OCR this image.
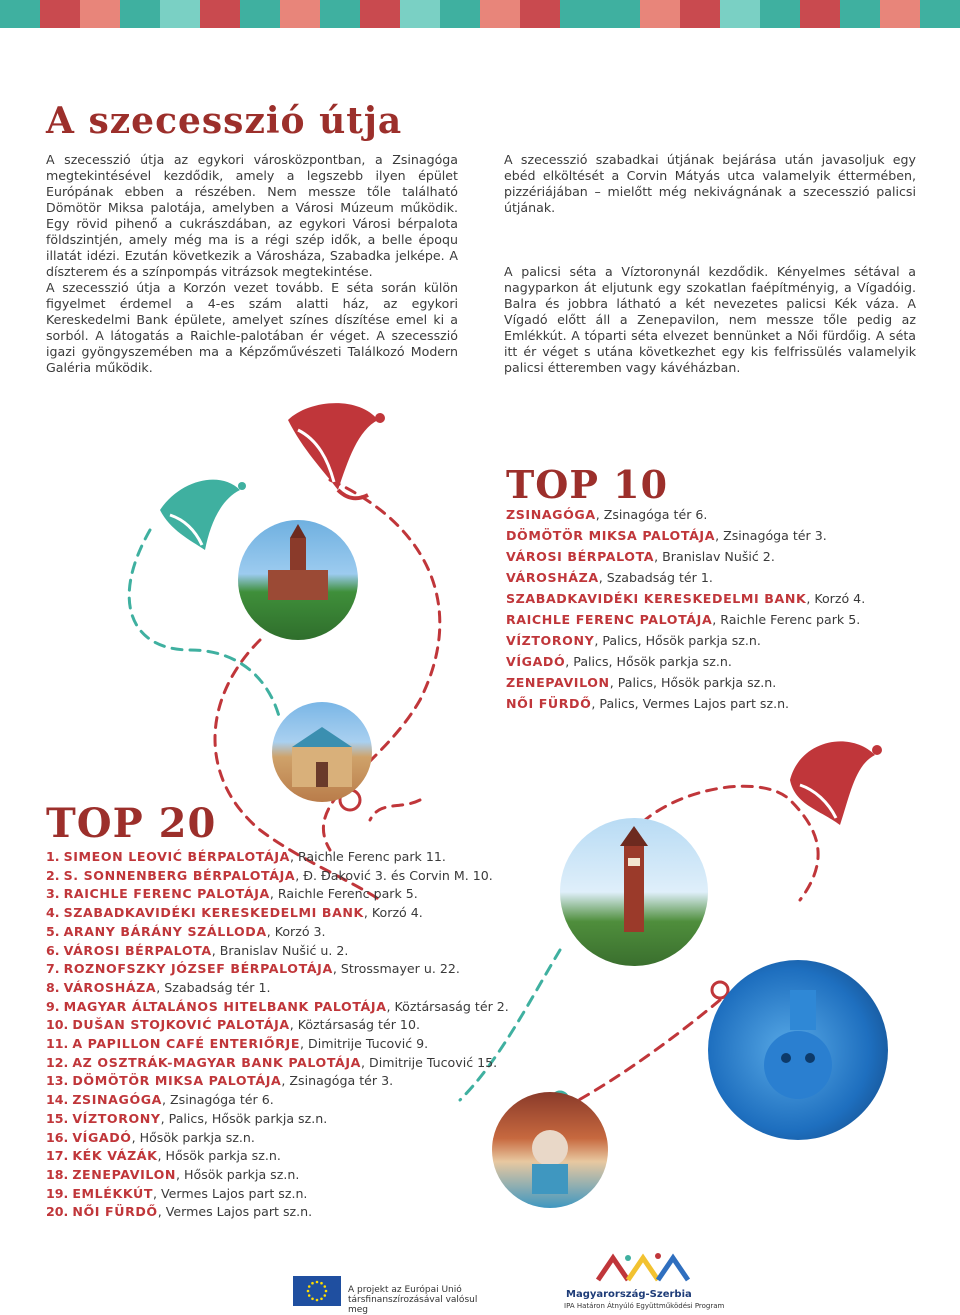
A szecesszió útja

A szecesszió útja az egykori városközpontban, a Zsinagóga megtekintésével kezdődik, amely a legszebb ilyen épület Európának ebben a részében. Nem messze tőle található Dömötör Miksa palotája, amelyben a Városi Múzeum működik. Egy rövid pihenő a cukrászdában, az egykori Városi bérpalota földszintjén, amely még ma is a régi szép idők, a belle époqu illatát idézi. Ezután következik a Városháza, Szabadka jelképe. A díszterem és a színpompás vitrázsok megtekintése.

A szecesszió útja a Korzón vezet tovább. E séta során külön figyelmet érdemel a 4-es szám alatti ház, az egykori Kereskedelmi Bank épülete, amelyet színes díszítése emel ki a sorból. A látogatás a Raichle-palotában ér véget. A szecesszió igazi gyöngyszemében ma a Képzőművészeti Találkozó Modern Galéria működik.

A szecesszió szabadkai útjának bejárása után javasoljuk egy ebéd elköltését a Corvin Mátyás utca valamelyik éttermében, pizzériájában – mielőtt még nekivágnának a szecesszió palicsi útjának.

A palicsi séta a Víztoronynál kezdődik. Kényelmes sétával a nagyparkon át eljutunk egy szokatlan faépítményig, a Vígadóig. Balra és jobbra látható a két nevezetes palicsi Kék váza. A Vígadó előtt áll a Zenepavilon, nem messze tőle pedig az Emlékkút. A tóparti séta elvezet bennünket a Női fürdőig. A séta itt ér véget s utána következhet egy kis felfrissülés valamelyik palicsi étteremben vagy kávéházban.

TOP 10
ZSINAGÓGA, Zsinagóga tér 6.
DÖMÖTÖR MIKSA PALOTÁJA, Zsinagóga tér 3.
VÁROSI BÉRPALOTA, Branislav Nušić 2.
VÁROSHÁZA, Szabadság tér 1.
SZABADKAVIDÉKI KERESKEDELMI BANK, Korzó 4.
RAICHLE FERENC PALOTÁJA, Raichle Ferenc park 5.
VÍZTORONY, Palics, Hősök parkja sz.n.
VÍGADÓ, Palics, Hősök parkja sz.n.
ZENEPAVILON, Palics, Hősök parkja sz.n.
NŐI FÜRDŐ, Palics, Vermes Lajos part sz.n.
TOP 20
1. SIMEON LEOVIĆ BÉRPALOTÁJA, Raichle Ferenc park 11.
2. S. SONNENBERG BÉRPALOTÁJA, Đ. Đaković 3. és Corvin M. 10.
3. RAICHLE FERENC PALOTÁJA, Raichle Ferenc park 5.
4. SZABADKAVIDÉKI KERESKEDELMI BANK, Korzó 4.
5. ARANY BÁRÁNY SZÁLLODA, Korzó 3.
6. VÁROSI BÉRPALOTA, Branislav Nušić u. 2.
7. ROZNOFSZKY JÓZSEF BÉRPALOTÁJA, Strossmayer u. 22.
8. VÁROSHÁZA, Szabadság tér 1.
9. MAGYAR ÁLTALÁNOS HITELBANK PALOTÁJA, Köztársaság tér 2.
10. DUŠAN STOJKOVIĆ PALOTÁJA, Köztársaság tér 10.
11. A PAPILLON CAFÉ ENTERIŐRJE, Dimitrije Tucović 9.
12. AZ OSZTRÁK-MAGYAR BANK PALOTÁJA, Dimitrije Tucović 15.
13. DÖMÖTÖR MIKSA PALOTÁJA, Zsinagóga tér 3.
14. ZSINAGÓGA, Zsinagóga tér 6.
15. VÍZTORONY, Palics, Hősök parkja sz.n.
16. VÍGADÓ, Hősök parkja sz.n.
17. KÉK VÁZÁK, Hősök parkja sz.n.
18. ZENEPAVILON, Hősök parkja sz.n.
19. EMLÉKKÚT, Vermes Lajos part sz.n.
20. NŐI FÜRDŐ, Vermes Lajos part sz.n.
A projekt az Európai Unió
társfinanszírozásával valósul meg
Magyarország-Szerbia
IPA Határon Átnyúló Együttműködési Program
